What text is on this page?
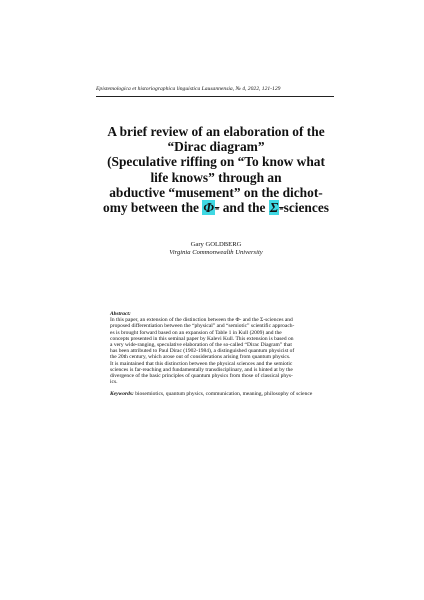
Epistemologica et historiographica linguistica Lausannensia, № 4, 2022, 121-129
A brief review of an elaboration of the
“Dirac diagram”
(Speculative riffing on “To know what
life knows” through an
abductive “musement” on the dichot-
omy between the Φ- and the Σ-sciences
Gary GOLDBERG
Virginia Commonwealth University

Abstract:

In this paper, an extension of the distinction between the Φ- and the Σ-sciences and

proposed differentiation between the “physical” and “semiotic” scientific approach-

es is brought forward based on an expansion of Table 1 in Kull (2009) and the

concepts presented in this seminal paper by Kalevi Kull. This extension is based on

a very wide-ranging, speculative elaboration of the so-called “Dirac Diagram” that

has been attributed to Paul Dirac (1902-1984), a distinguished quantum physicist of

the 20th century, which arose out of considerations arising from quantum physics.

It is maintained that this distinction between the physical sciences and the semiotic

sciences is far-reaching and fundamentally transdisciplinary, and is hinted at by the

divergence of the basic principles of quantum physics from those of classical phys-

ics.

Keywords: biosemiotics, quantum physics, communication, meaning, philosophy of science
